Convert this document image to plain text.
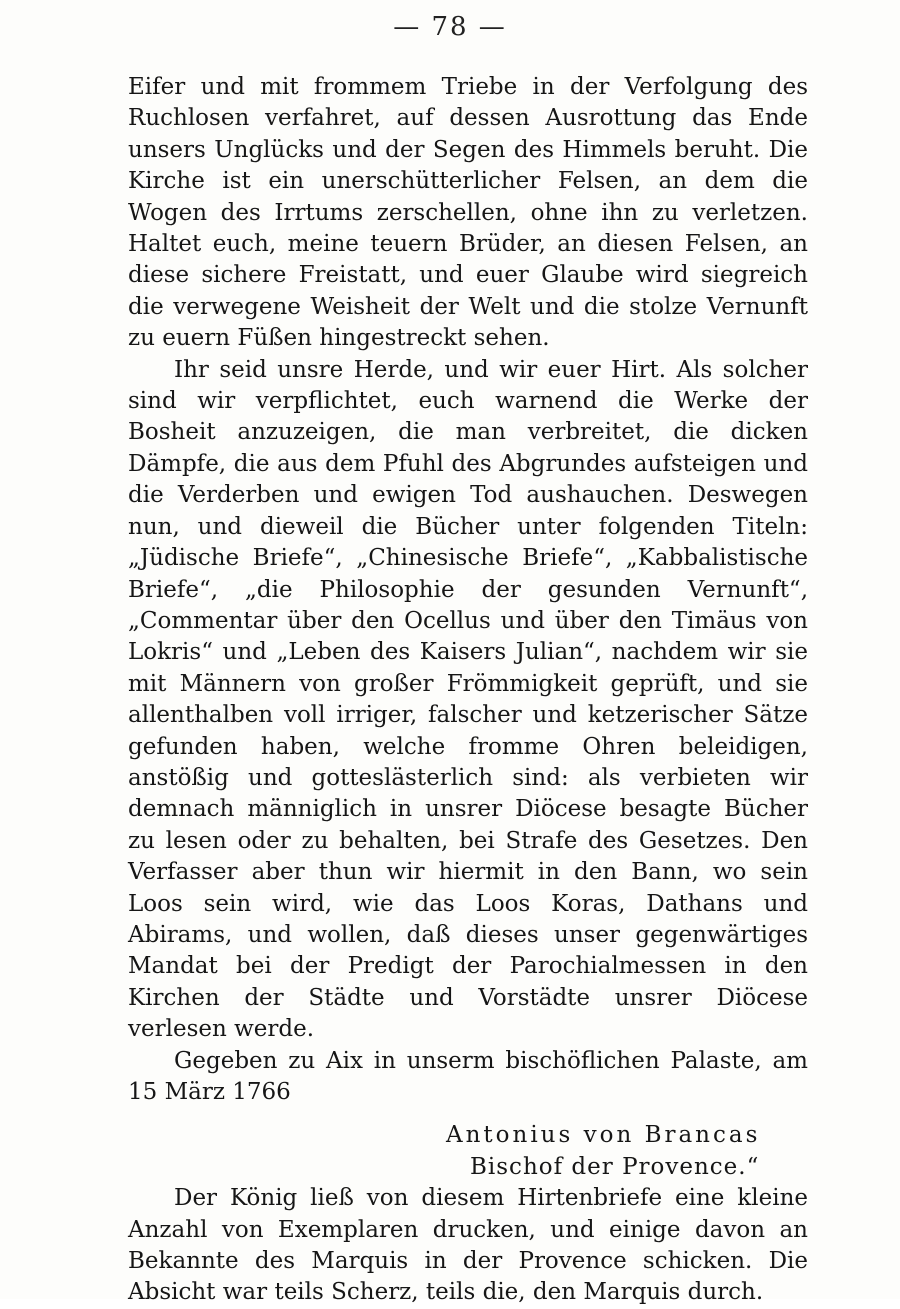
— 78 —

Eifer und mit frommem Triebe in der Verfolgung des Ruchlosen verfahret, auf dessen Ausrottung das Ende unsers Unglücks und der Segen des Himmels beruht. Die Kirche ist ein unerschütterlicher Felsen, an dem die Wogen des Irrtums zerschellen, ohne ihn zu verletzen. Haltet euch, meine teuern Brüder, an diesen Felsen, an diese sichere Freistatt, und euer Glaube wird siegreich die verwegene Weisheit der Welt und die stolze Vernunft zu euern Füßen hingestreckt sehen.

Ihr seid unsre Herde, und wir euer Hirt. Als solcher sind wir verpflichtet, euch warnend die Werke der Bosheit anzuzeigen, die man verbreitet, die dicken Dämpfe, die aus dem Pfuhl des Abgrundes aufsteigen und die Verderben und ewigen Tod aushauchen. Deswegen nun, und dieweil die Bücher unter folgenden Titeln: „Jüdische Briefe“, „Chinesische Briefe“, „Kabbalistische Briefe“, „die Philosophie der gesunden Vernunft“, „Commentar über den Ocellus und über den Timäus von Lokris“ und „Leben des Kaisers Julian“, nachdem wir sie mit Männern von großer Frömmigkeit geprüft, und sie allenthalben voll irriger, falscher und ketzerischer Sätze gefunden haben, welche fromme Ohren beleidigen, anstößig und gotteslästerlich sind: als verbieten wir demnach männiglich in unsrer Diöcese besagte Bücher zu lesen oder zu behalten, bei Strafe des Gesetzes. Den Verfasser aber thun wir hiermit in den Bann, wo sein Loos sein wird, wie das Loos Koras, Dathans und Abirams, und wollen, daß dieses unser gegenwärtiges Mandat bei der Predigt der Parochialmessen in den Kirchen der Städte und Vorstädte unsrer Diöcese verlesen werde.

Gegeben zu Aix in unserm bischöflichen Palaste, am 15 März 1766

Antonius von Brancas
Bischof der Provence.“

Der König ließ von diesem Hirtenbriefe eine kleine Anzahl von Exemplaren drucken, und einige davon an Bekannte des Marquis in der Provence schicken. Die Absicht war teils Scherz, teils die, den Marquis durch.
